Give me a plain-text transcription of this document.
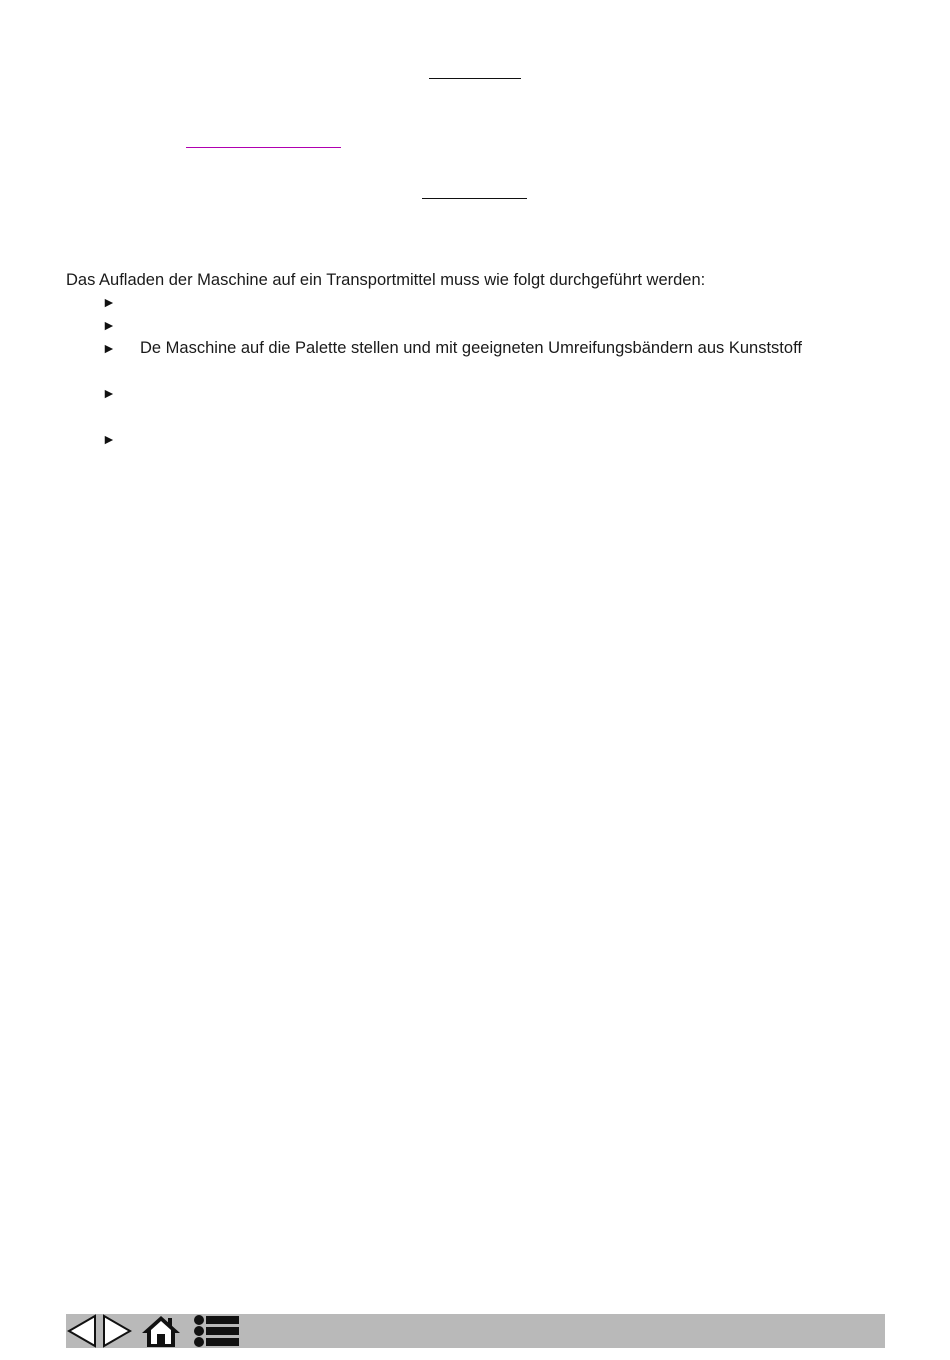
Das Aufladen der Maschine auf ein Transportmittel muss wie folgt durchgeführt werden:
►
►
► De Maschine auf die Palette stellen und mit geeigneten Umreifungsbändern aus Kunststoff
►
►
